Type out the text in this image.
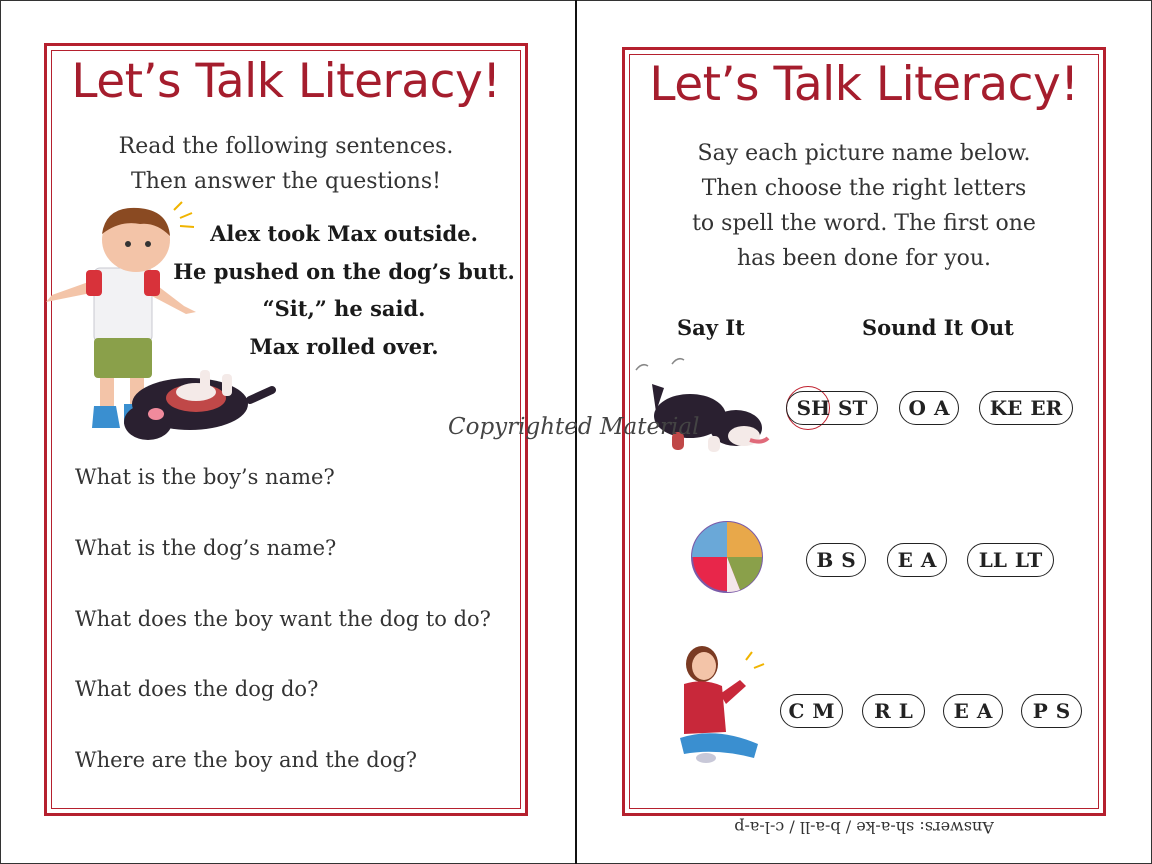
Let’s Talk Literacy!
Read the following sentences.
Then answer the questions!
Alex took Max outside.
He pushed on the dog’s butt.
“Sit,” he said.
Max rolled over.
What is the boy’s name?
What is the dog’s name?
What does the boy want the dog to do?
What does the dog do?
Where are the boy and the dog?
Let’s Talk Literacy!
Say each picture name below.
Then choose the right letters
to spell the word. The first one
has been done for you.
Say It	Sound It Out
SH ST O A KE ER
B S E A LL LT
C M R L E A P S
Answers: sh-a-ke / b-a-ll / c-l-a-p
Copyrighted Material
